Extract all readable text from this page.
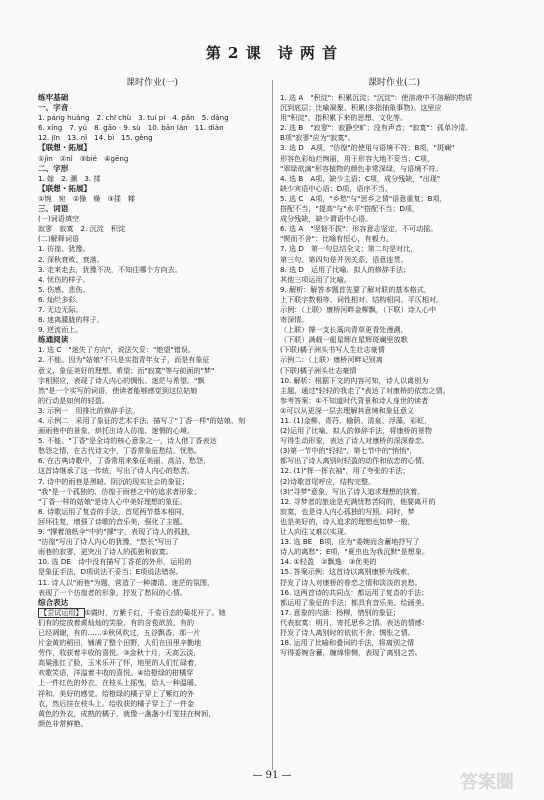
第 2 课　诗 两 首
课时作业(一)
练牢基础
一、字音
1. páng huáng　2. chī chù　3. tuí pí　4. pǎn　5. dàng
6. xíng　7. yú　8. gāo　9. sù　10. bān lán　11. diàn
12. jīn　13. nǐ　14. bì　15. gèng
【联想・拓展】
①jìn　②nì　③bié　④gēng
二、字形
1. 嫁　2. 灏　3. 揉
【联想・拓展】
①惋　宛　②操　燥　③揉　糅
三、词语
(一)词语填空
寂寥　寂寞　2. 沉淀　积淀
(二)解释词语
1. 彷徨、犹豫。
2. 深秋衰败、衰落。
3. 走来走去，犹豫不决，不知往哪个方向去。
4. 忧伤的样子。
5. 伤感、悲伤。
6. 灿烂多彩。
7. 无边无际。
8. 迷离朦胧的样子。
9. 逆流而上。
练通阅读
1. 选 C　"迷失了方向"，说法欠妥："绝望"错误。
2. 不能。因为"姑娘"不只是实指青年女子，而是有象征
意义，象征美好的理想、希望；而"寂寞"等与前面的"梦"
字相照应，表现了诗人内心的惆怅、迷茫与希望。"飘
然"是一个实写的词语，使读者能够感觉到这位姑娘
的行动是如何的轻盈。
3. 示例一　用排比的修辞手法。
4. 示例二　采用了象征的艺术手法，描写了"丁香一样"的姑娘，刻
画雨巷中的景象，烘托出诗人彷徨、迷惘的心境。
5. 不能。"丁香"是全诗的核心意象之一，诗人借丁香表达
愁怨之情，在古代诗文中，丁香常象征愁结、忧愁。
6. 在古典诗歌中，丁香常用来象征美丽、高洁、愁怨，
这首诗继承了这一传统，写出了诗人内心的愁苦。
7. 诗中的雨巷是黑暗、阴沉的现实社会的象征；
"我"是一个孤独的、彷徨于雨巷之中的追求者形象；
"丁香一样的姑娘"是诗人心中美好理想的象征。
8. 诗歌运用了复沓的手法，首尾两节基本相同，
回环往复，增强了诗歌的音乐美，强化了主题。
9. "撑着油纸伞"中的"撑"字，表现了诗人的孤独，
"彷徨"写出了诗人内心的犹豫，"悠长"写出了
雨巷的寂寥，更突出了诗人的孤独和寂寞。
10. 选 DE　诗中没有描写丁香花的外形，运用的
是象征手法，D项说法不妥当；E项说法错误。
11. 诗人以"雨巷"为题，营造了一种凄清、迷茫的氛围，
表现了一个彷徨者的形象，抒发了愁闷的心情。
综合表达
【尝试运用】 ①霞时，万紫千红，千姿百态的菊花开了。她
们有的绽放着黄灿灿的笑脸，有的含苞欲放，有的
已经凋谢，有的……②秋风吹过，五谷飘香，那一片
片金黄的稻田，铺满了整个田野，人们在田里辛勤地
劳作，收获着丰收的喜悦。③金秋十月，天高云淡，
高粱涨红了脸，玉米乐开了怀，地里的人们忙碌着，
欢歌笑语，洋溢着丰收的喜悦。④给橙绿的柑橘穿
上一件红色的外衣，在枝头上摇曳，给人一种温暖、
祥和、美好的感觉。给橙绿的橘子穿上了紫红的外
衣，然后挂在枝头上。给收获的橘子穿上了一件金
黄色的外衣，成熟的橘子，就像一盏盏小灯笼挂在树间，
颜色非常鲜艳。
课时作业(二)
1. 选 A　"积淀"：积累沉淀；"沉淀"：使溶液中不溶解的物质
沉到底层；比喻凝聚、积累(多指抽象事物)。这里应
用"积淀"，指积累下来的思想、文化等。
2. 选 B　"寂寥"：寂静空旷；没有声音；"寂寞"：孤单冷清。
B项"寂寥"应为"寂寞"。
3. 选 D　A项，"彷徨"的使用与语境不符；B项，"斑斓"
形容色彩灿烂绚丽，用于形容大地不妥当；C项，
"翠绿欲滴"形容植物的颜色非常深绿，与语境不符。
4. 选 B　A项，缺少主语；C项，成分残缺，"出现"
缺少宾语中心语；D项，语序不当。
5. 选 C　A项，"乡愁"与"思乡之情"语意重复；B项，
搭配不当，"提高"与"水平"搭配不当；D项，
成分残缺，缺少谓语中心语。
6. 选 A　"坚韧不拔"：形容意志坚定，不可动摇。
"锲而不舍"：比喻有恒心，有毅力。
7. 选 D　第一句总结全文；第二句是对比，
第三句、第四句是并列关系，语意连贯。
8. 选 D　运用了比喻、拟人的修辞手法；
其他三项运用了比喻。
9. 解析：解答本题首先要了解对联的基本格式，
上下联字数相等、词性相对、结构相同、平仄相对。
示例：（上联）康桥河畔金柳飘，（下联）诗人心中
寄深情。
（上联）撑一支长篙向青草更青处漫溯，
（下联）满载一船星辉在星辉斑斓里放歌
(下联)橘子洲头书写人生壮志豪情
示例二：（上联）康桥河畔记别离
(下联)橘子洲头壮志豪情
10. 解析：根据下文的内容可知，诗人以离别为
主题，通过"轻轻的我走了"表达了对康桥的依恋之情。
参考答案：①不知道时代背景和诗人身世的读者
②可以从更深一层去理解其意境和象征意义
11. (1)金柳、青荇、榆荫、清泉、浮藻、彩虹，
(2)运用了比喻、拟人的修辞手法，将康桥的景物
写得生动形象，表达了诗人对康桥的深深眷恋。
(3)第一节中的"轻轻"、第七节中的"悄悄"，
都写出了诗人离别时轻盈的动作和依恋的心情。
12. (1)"挥一挥衣袖"，用了夸张的手法；
(2)诗歌首尾呼应，结构完整。
(3)"寻梦"意象，写出了诗人追求理想的执着。
12. 寻梦者的旅途是充满忧愁苦闷的，他要离开的
寂寞，也是诗人内心孤独的写照。同时，梦
也是美好的，诗人追求的理想也如梦一般，
让人向往又难以实现。
13. 选 BE　B项，应为"委婉而含蓄地抒写了
诗人的离愁"；E项，"夏虫也为我沉默"是想象。
14. ①轻盈　②飘逸　③优美的
15. 答案示例：这首诗以离别康桥为线索，
抒发了诗人对康桥的眷恋之情和淡淡的哀愁。
16. 这两首诗的共同点：都运用了复沓的手法；
都运用了象征的手法；都具有音乐美、绘画美。
17. 意象的内涵：杨柳，惜别的象征；
代表寂寞：明月，寄托思乡之情。表达的情感：
抒发了诗人离别时的依依不舍、惆怅之情。
18. 运用了比喻和叠词的手法，将离别之情
写得委婉含蓄，缠绵悱恻，表现了离别之苦。
— 91 —	答案圈
